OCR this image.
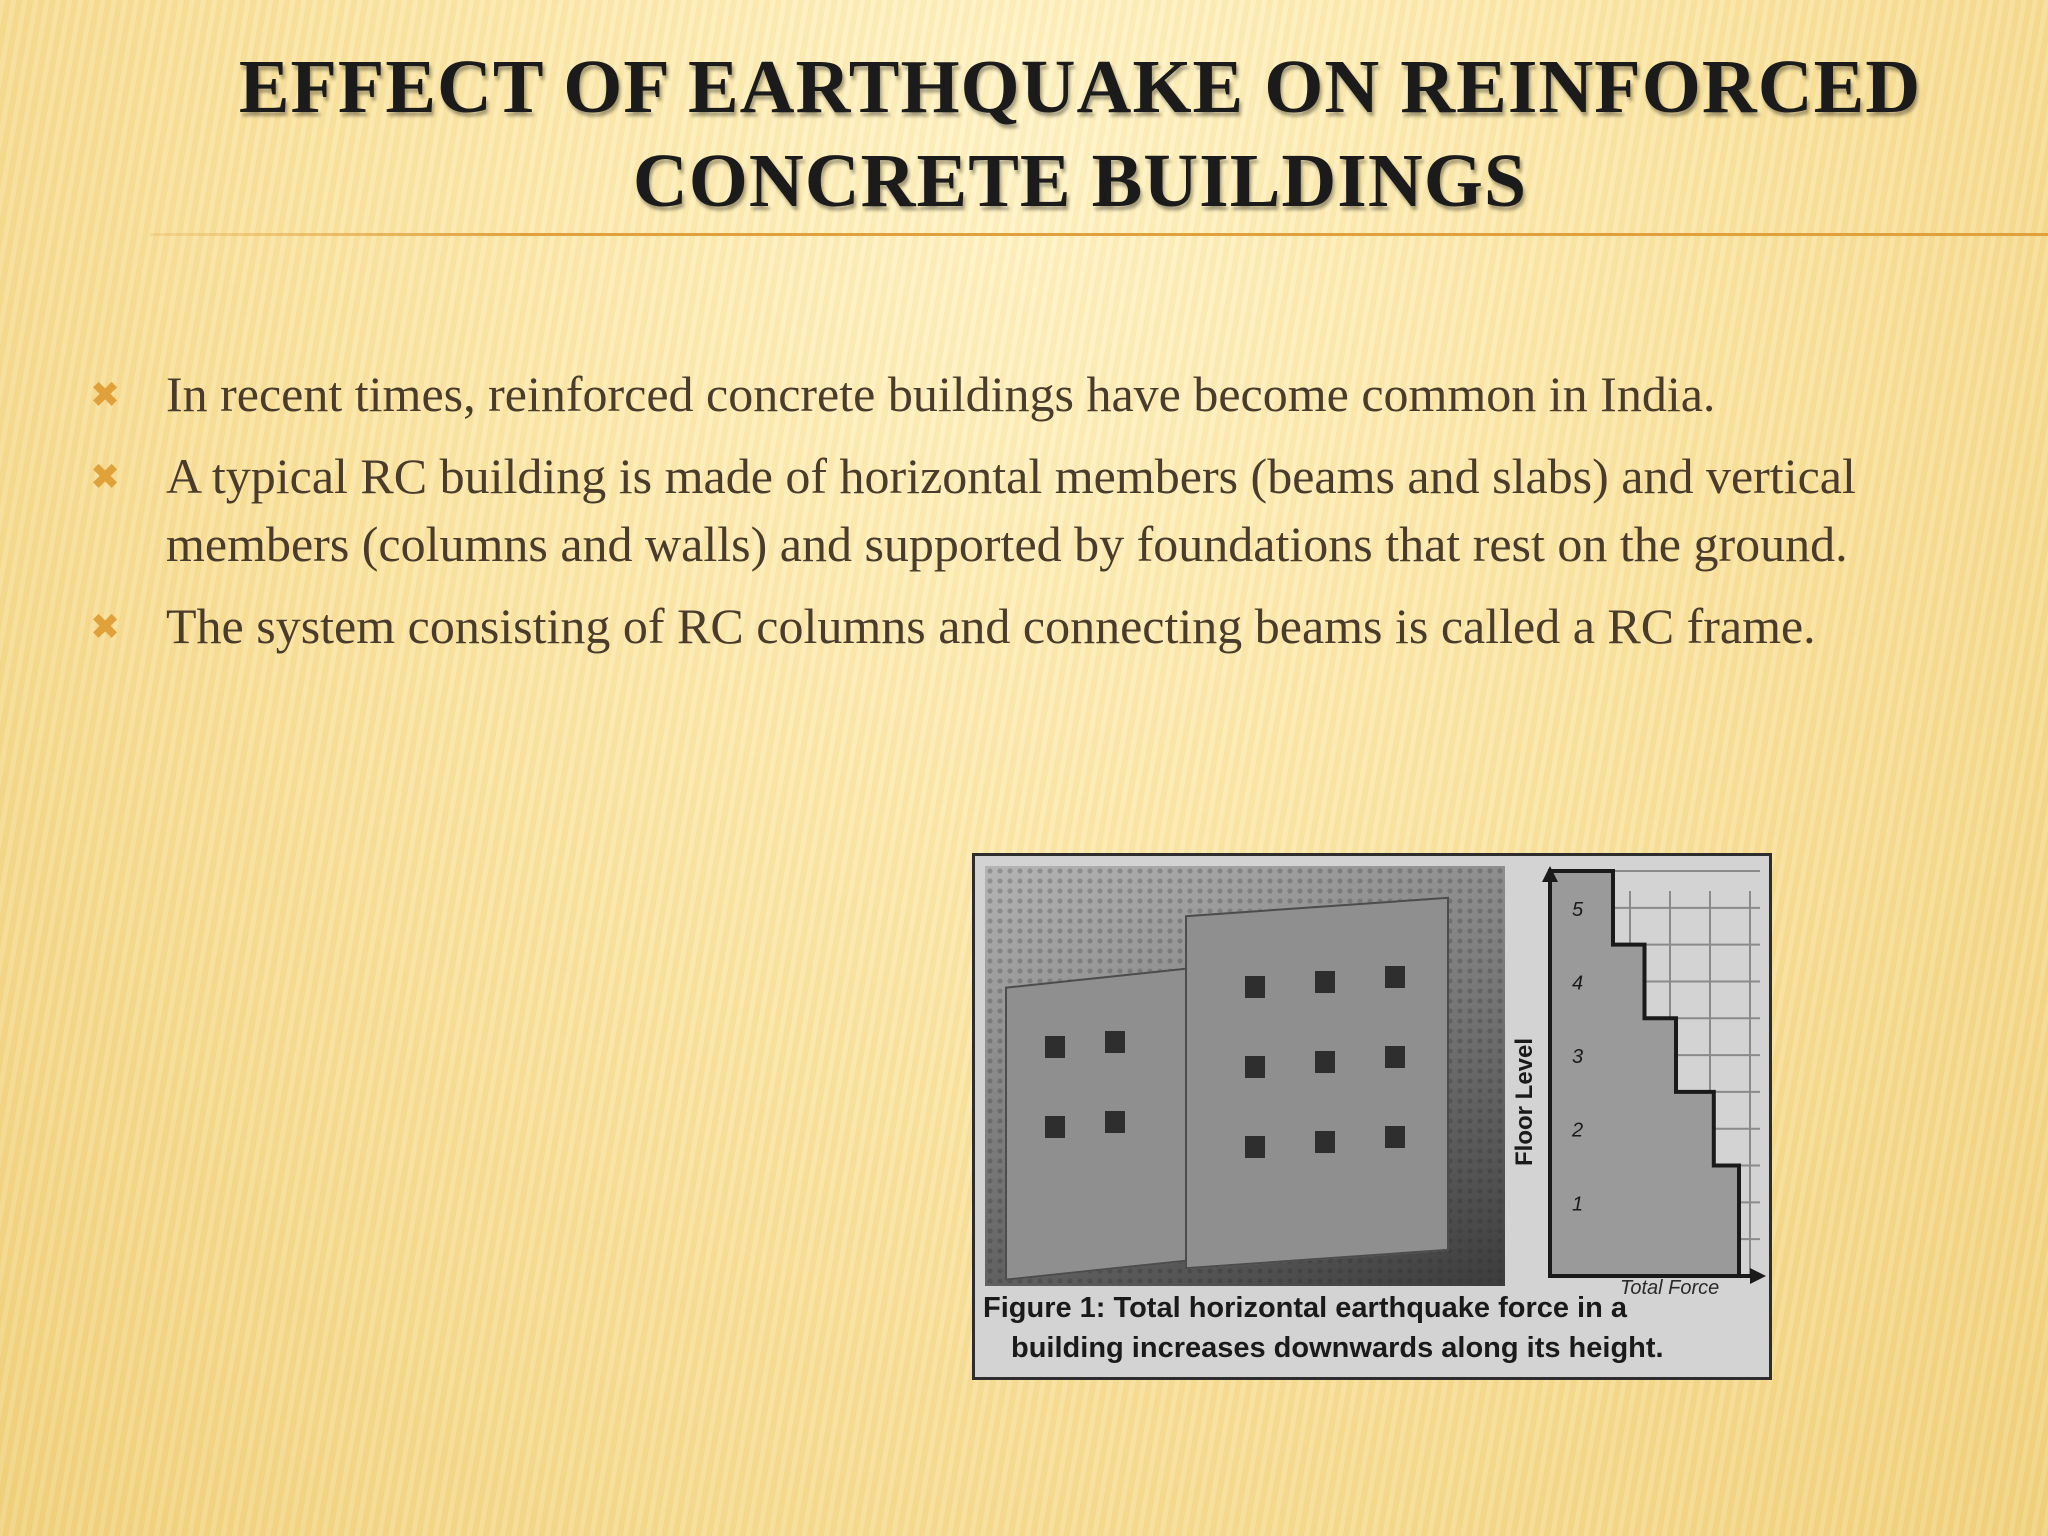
EFFECT OF EARTHQUAKE ON REINFORCED
CONCRETE BUILDINGS
✖ In recent times, reinforced concrete buildings have become common in India.
✖ A typical RC building is made of horizontal members (beams and slabs) and vertical members (columns and walls) and supported by foundations that rest on the ground.
✖ The system consisting of RC columns and connecting beams is called a RC frame.
1
2
3
4
5
Floor Level
Total Force
Figure 1: Total horizontal earthquake force in a
building increases downwards along its height.
